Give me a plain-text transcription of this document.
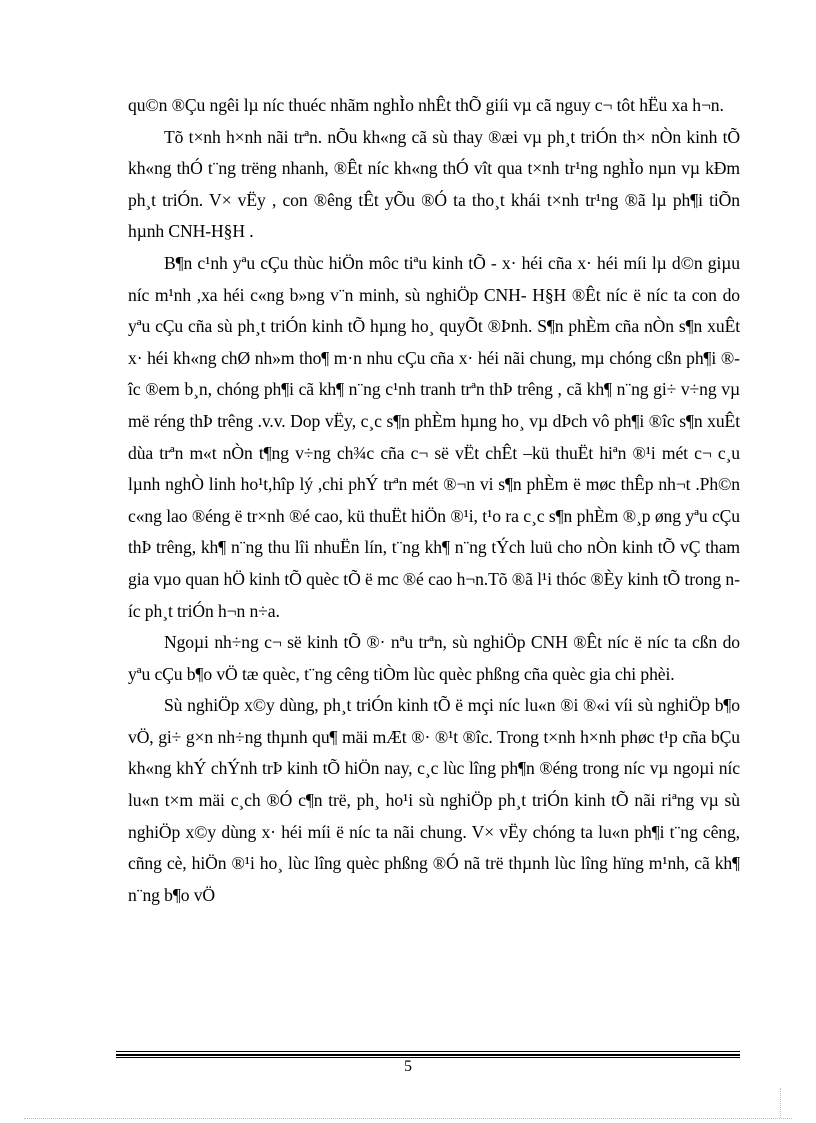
qu©n ®Çu ngêi lµ níc thuéc nhãm nghÌo nhÊt thÕ giíi vµ cã nguy c¬ tôt hËu xa h¬n.

Tõ t×nh h×nh nãi trªn. nÕu kh«ng cã sù thay ®æi vµ ph¸t triÓn th× nÒn kinh tÕ kh«ng thÓ t¨ng trëng nhanh, ®Êt níc kh«ng thÓ vît qua t×nh tr¹ng nghÌo nµn vµ kÐm ph¸t triÓn. V× vËy , con ®êng tÊt yÕu ®Ó ta tho¸t khái t×nh tr¹ng ®ã lµ ph¶i tiÕn hµnh CNH-H§H .

B¶n c¹nh yªu cÇu thùc hiÖn môc tiªu kinh tÕ - x· héi cña x· héi míi lµ d©n giµu níc m¹nh ,xa héi c«ng b»ng v¨n minh, sù nghiÖp CNH- H§H ®Êt níc ë níc ta con do yªu cÇu cña sù ph¸t triÓn kinh tÕ hµng ho¸ quyÕt ®Þnh. S¶n phÈm cña nÒn s¶n xuÊt x· héi kh«ng chØ nh»m tho¶ m·n nhu cÇu cña x· héi nãi chung, mµ chóng cßn ph¶i ®îc ®em b¸n, chóng ph¶i cã kh¶ n¨ng c¹nh tranh trªn thÞ trêng , cã kh¶ n¨ng gi÷ v÷ng vµ më réng thÞ trêng .v.v. Dop vËy, c¸c s¶n phÈm hµng ho¸ vµ dÞch vô ph¶i ®îc s¶n xuÊt dùa trªn m«t nÒn t¶ng v÷ng ch¾c cña c¬ së vËt chÊt –kü thuËt hiªn ®¹i mét c¬ c¸u lµnh nghÒ linh ho¹t,hîp lý ,chi phÝ trªn mét ®¬n vi s¶n phÈm ë møc thÊp nh¬t .Ph©n c«ng lao ®éng ë tr×nh ®é cao, kü thuËt hiÖn ®¹i, t¹o ra c¸c s¶n phÈm ®¸p øng yªu cÇu thÞ trêng, kh¶ n¨ng thu lîi nhuËn lín, t¨ng kh¶ n¨ng tÝch luü cho nÒn kinh tÕ vÇ tham gia vµo quan hÖ kinh tÕ quèc tÕ ë mc ®é cao h¬n.Tõ ®ã l¹i thóc ®Èy kinh tÕ trong níc ph¸t triÓn h¬n n÷a.

Ngoµi nh÷ng c¬ së kinh tÕ ®· nªu trªn, sù nghiÖp CNH ®Êt níc ë níc ta cßn do yªu cÇu b¶o vÖ tæ quèc, t¨ng cêng tiÒm lùc quèc phßng cña quèc gia chi phèi.

Sù nghiÖp x©y dùng, ph¸t triÓn kinh tÕ ë mçi níc lu«n ®i ®«i víi sù nghiÖp b¶o vÖ, gi÷ g×n nh÷ng thµnh qu¶ mäi mÆt ®· ®¹t ®îc. Trong t×nh h×nh phøc t¹p cña bÇu kh«ng khÝ chÝnh trÞ kinh tÕ hiÖn nay, c¸c lùc lîng ph¶n ®éng trong níc vµ ngoµi níc lu«n t×m mäi c¸ch ®Ó c¶n trë, ph¸ ho¹i sù nghiÖp ph¸t triÓn kinh tÕ nãi riªng vµ sù nghiÖp x©y dùng x· héi míi ë níc ta nãi chung. V× vËy chóng ta lu«n ph¶i t¨ng cêng, cñng cè, hiÖn ®¹i ho¸ lùc lîng quèc phßng ®Ó nã trë thµnh lùc lîng hïng m¹nh, cã kh¶ n¨ng b¶o vÖ

5
